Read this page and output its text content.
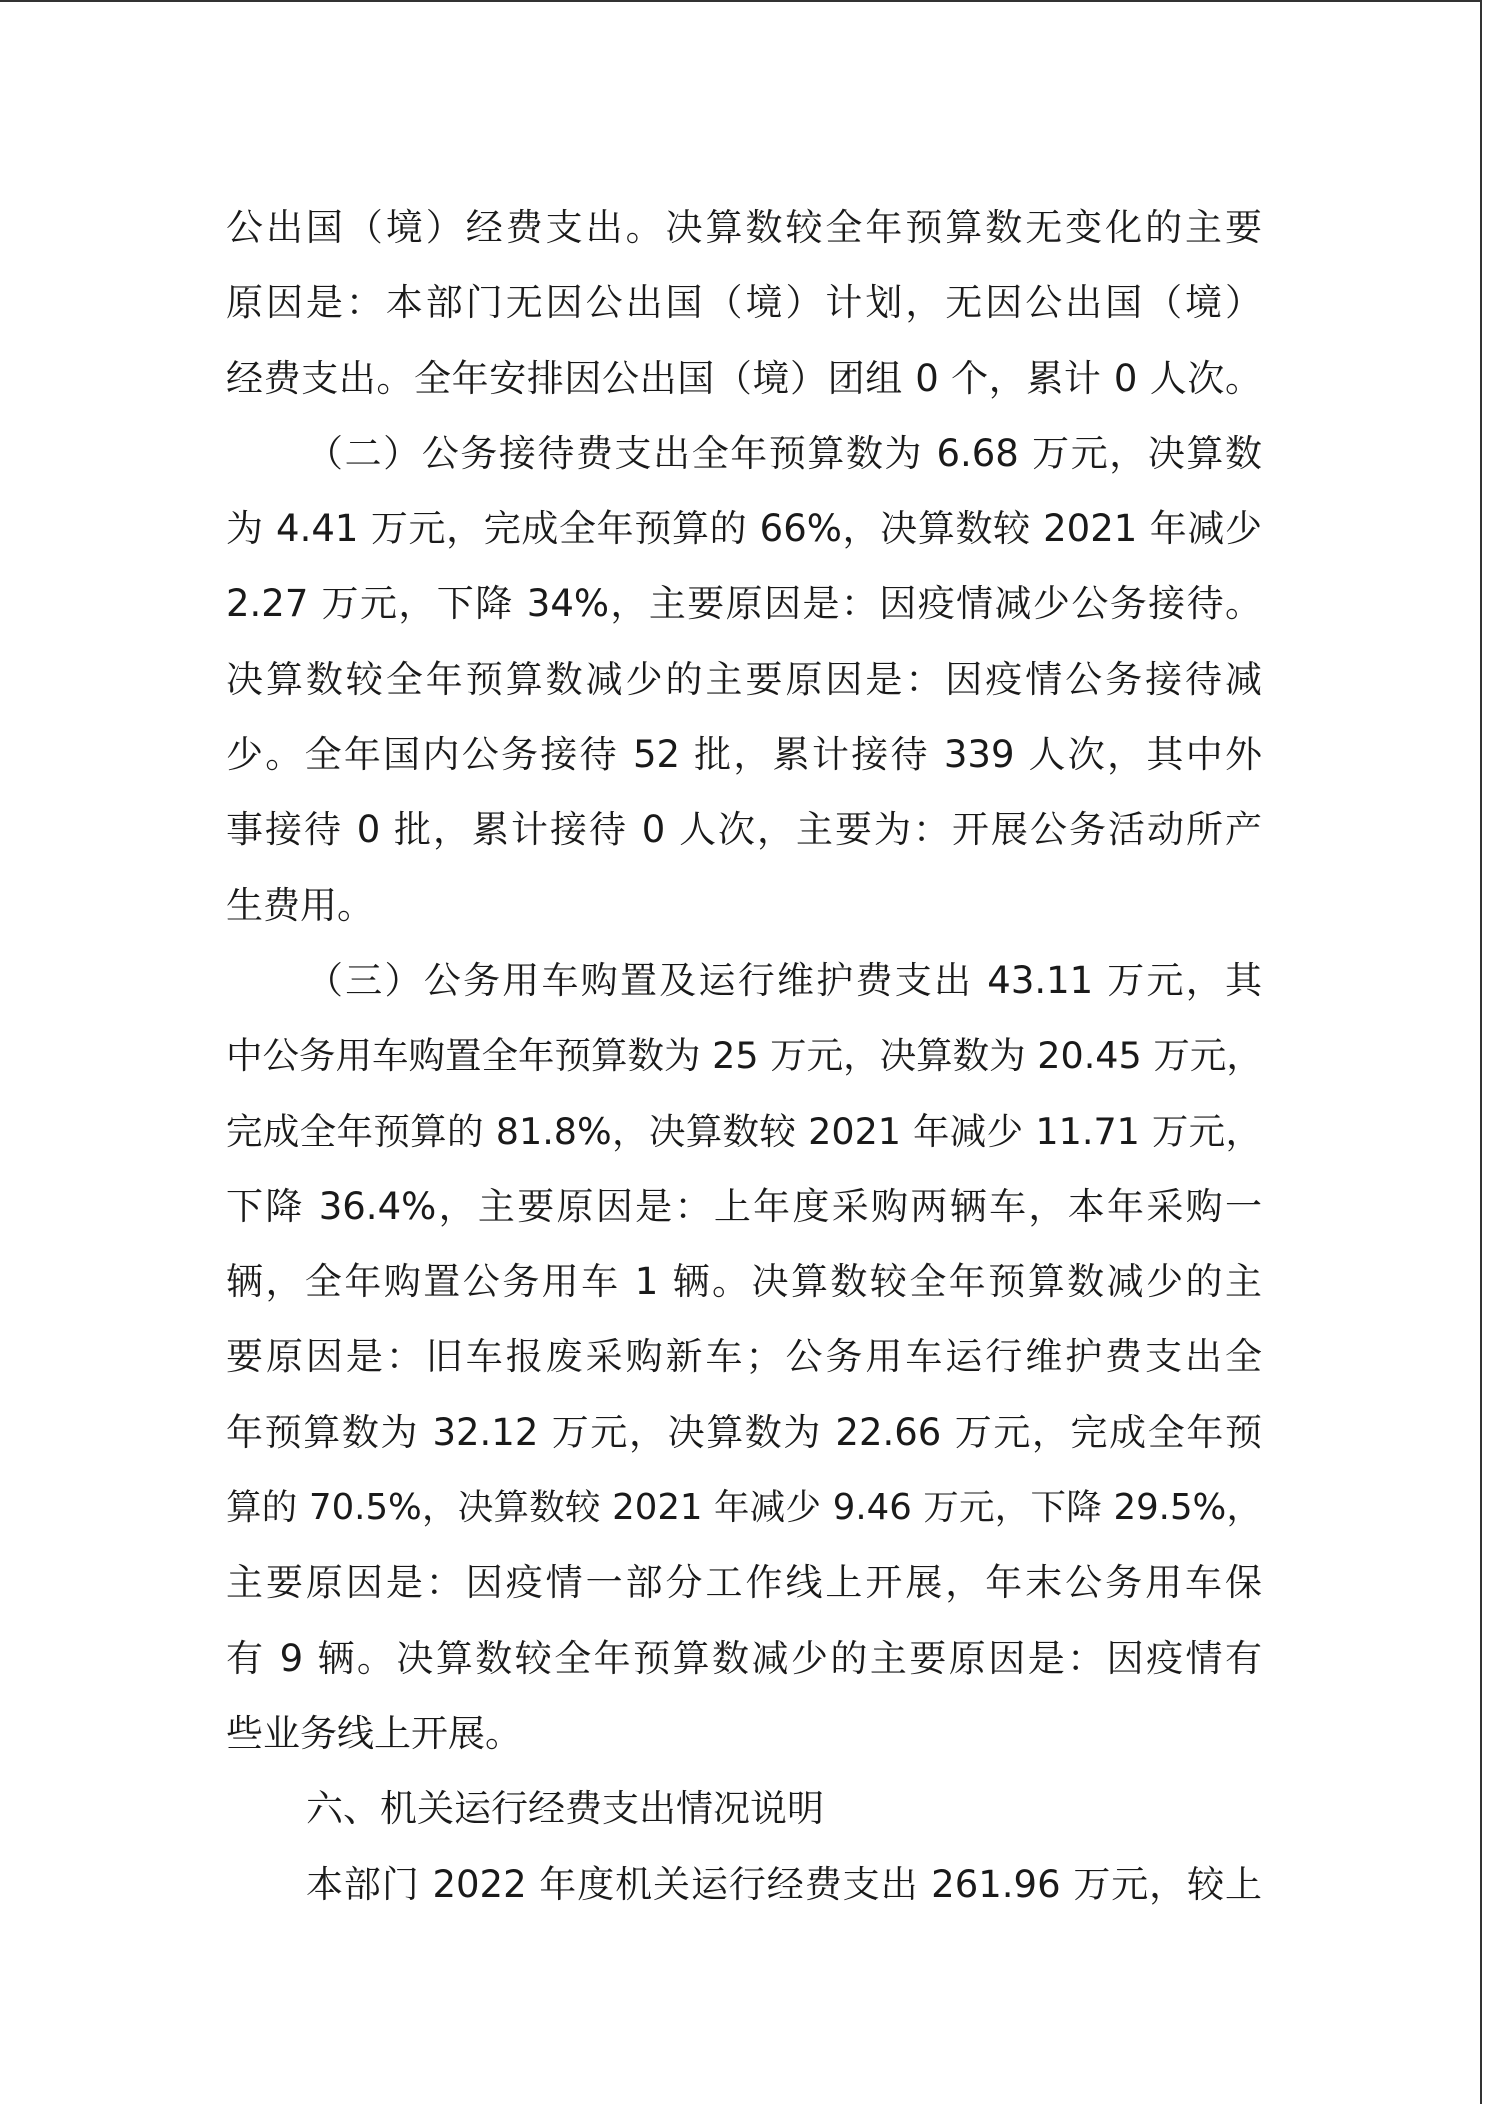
公出国（境）经费支出。决算数较全年预算数无变化的主要
原因是：本部门无因公出国（境）计划，无因公出国（境）
经费支出。全年安排因公出国（境）团组 0 个，累计 0 人次。
（二）公务接待费支出全年预算数为 6.68 万元，决算数
为 4.41 万元，完成全年预算的 66%，决算数较 2021 年减少
2.27 万元，下降 34%，主要原因是：因疫情减少公务接待。
决算数较全年预算数减少的主要原因是：因疫情公务接待减
少。全年国内公务接待 52 批，累计接待 339 人次，其中外
事接待 0 批，累计接待 0 人次，主要为：开展公务活动所产
生费用。
（三）公务用车购置及运行维护费支出 43.11 万元，其
中公务用车购置全年预算数为 25 万元，决算数为 20.45 万元，
完成全年预算的 81.8%，决算数较 2021 年减少 11.71 万元，
下降 36.4%，主要原因是：上年度采购两辆车，本年采购一
辆，全年购置公务用车 1 辆。决算数较全年预算数减少的主
要原因是：旧车报废采购新车；公务用车运行维护费支出全
年预算数为 32.12 万元，决算数为 22.66 万元，完成全年预
算的 70.5%，决算数较 2021 年减少 9.46 万元，下降 29.5%，
主要原因是：因疫情一部分工作线上开展，年末公务用车保
有 9 辆。决算数较全年预算数减少的主要原因是：因疫情有
些业务线上开展。
六、机关运行经费支出情况说明
本部门 2022 年度机关运行经费支出 261.96 万元，较上
